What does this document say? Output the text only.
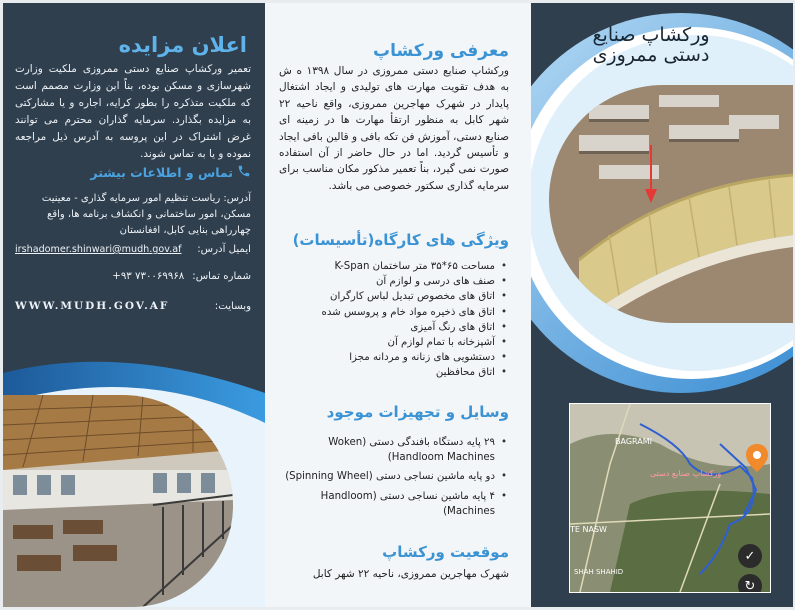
اعلان مزایده
تعمیر ورکشاپ صنایع دستی ممروزی ملکیت وزارت شهرسازی و مسکن بوده، بناً این وزارت مصمم است که ملکیت متذکره را بطور کرایه، اجاره و یا مشارکتی به مزایده بگذارد. سرمایه گذاران محترم می توانند غرض اشتراک در این پروسه به آدرس ذیل مراجعه نموده و یا به تماس شوند.
تماس و اطلاعات بیشتر
آدرس: ریاست تنظیم امور سرمایه گذاری - معینیت مسکن، امور ساختمانی و انکشاف برنامه ها، واقع چهارراهی بنایی کابل، افغانستان
ایمیل آدرس:
irshadomer.shinwari@mudh.gov.af
شماره تماس:
+۹۳ ۷۳۰۰۶۹۹۶۸
وبسایت:
WWW.MUDH.GOV.AF
معرفی ورکشاپ
ورکشاپ صنایع دستی ممروزی در سال ۱۳۹۸ ه ش به هدف تقویت مهارت های تولیدی و ایجاد اشتغال پایدار در شهرک مهاجرین ممروزی، واقع ناحیه ۲۲ شهر کابل به منظور ارتقأ مهارت ها در زمینه ای صنایع دستی، آموزش فن تکه بافی و قالین بافی ایجاد و تأسیس گردید. اما در حال حاضر از آن استفاده صورت نمی گیرد، بناً تعمیر مذکور مکان مناسب برای سرمایه گذاری سکتور خصوصی می باشد.
ویژگی های کارگاه(تأسیسات)
• مساحت ۶۵*۳۵ متر ساختمان K-Span
• صنف های درسی و لوازم آن
• اتاق های مخصوص تبدیل لباس کارگران
• اتاق های ذخیره مواد خام و پروسس شده
• اتاق های رنگ آمیزی
• آشپزخانه با تمام لوازم آن
• دستشویی های زنانه و مردانه مجزا
• اتاق محافظین
وسایل و تجهیزات موجود
• ۲۹ پایه دستگاه بافندگی دستی (Woken Handloom Machines)
• دو پایه ماشین نساجی دستی (Spinning Wheel)
• ۴ پایه ماشین نساجی دستی (Handloom Machines)
موقعیت ورکشاپ
شهرک مهاجرین ممروزی، ناحیه ۲۲ شهر کابل
ورکشاپ صنایع
دستی ممروزی
BAGRAMI
TE NASW
SHAH SHAHID
ورکشاپ صنایع دستی
✓
↻
